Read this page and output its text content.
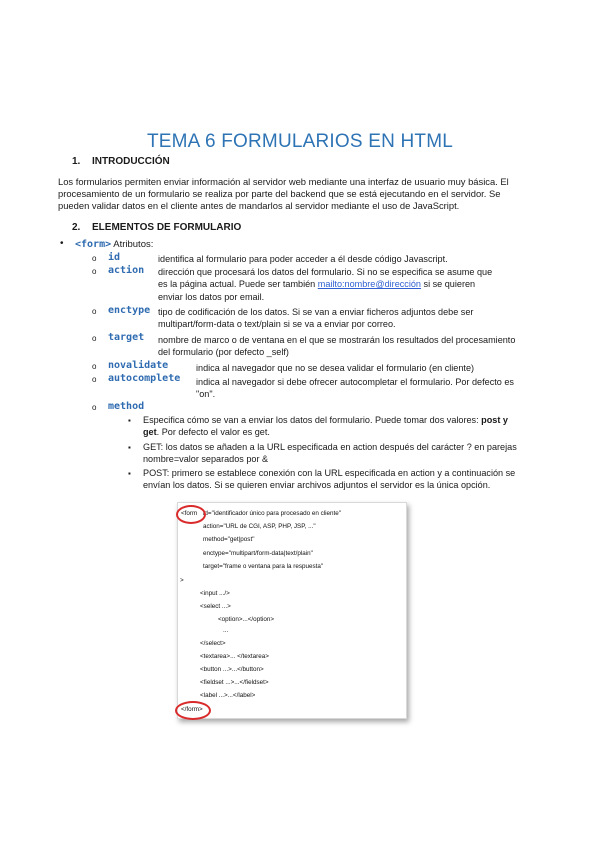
TEMA 6 FORMULARIOS EN HTML
1. INTRODUCCIÓN
Los formularios permiten enviar información al servidor web mediante una interfaz de usuario muy básica. El
procesamiento de un formulario se realiza por parte del backend que se está ejecutando en el servidor. Se
pueden validar datos en el cliente antes de mandarlos al servidor mediante el uso de JavaScript.
2. ELEMENTOS DE FORMULARIO
• <form> Atributos:
o id	identifica al formulario para poder acceder a él desde código Javascript.
o action dirección que procesará los datos del formulario. Si no se especifica se asume que
es la página actual. Puede ser también mailto:nombre@dirección si se quieren
enviar los datos por email.
o enctype tipo de codificación de los datos. Si se van a enviar ficheros adjuntos debe ser
multipart/form-data o text/plain si se va a enviar por correo.
o target nombre de marco o de ventana en el que se mostrarán los resultados del procesamiento
del formulario (por defecto _self)
o novalidate	indica al navegador que no se desea validar el formulario (en cliente)
o autocomplete indica al navegador si debe ofrecer autocompletar el formulario. Por defecto es
"on".
o method
▪ Especifica cómo se van a enviar los datos del formulario. Puede tomar dos valores: post y
get. Por defecto el valor es get.
▪ GET: los datos se añaden a la URL especificada en action después del carácter ? en parejas
nombre=valor separados por &
▪ POST: primero se establece conexión con la URL especificada en action y a continuación se
envían los datos. Si se quieren enviar archivos adjuntos el servidor es la única opción.
<form id="identificador único para procesado en cliente"
action="URL de CGI, ASP, PHP, JSP, ..."
method="get|post"
enctype="multipart/form-data|text/plain"
target="frame o ventana para la respuesta"
>
<input .../>
<select ...>
<option>...</option>
...
</select>
<textarea>... </textarea>
<button ...>...</button>
<fieldset ...>...</fieldset>
<label ...>...</label>
</form>
